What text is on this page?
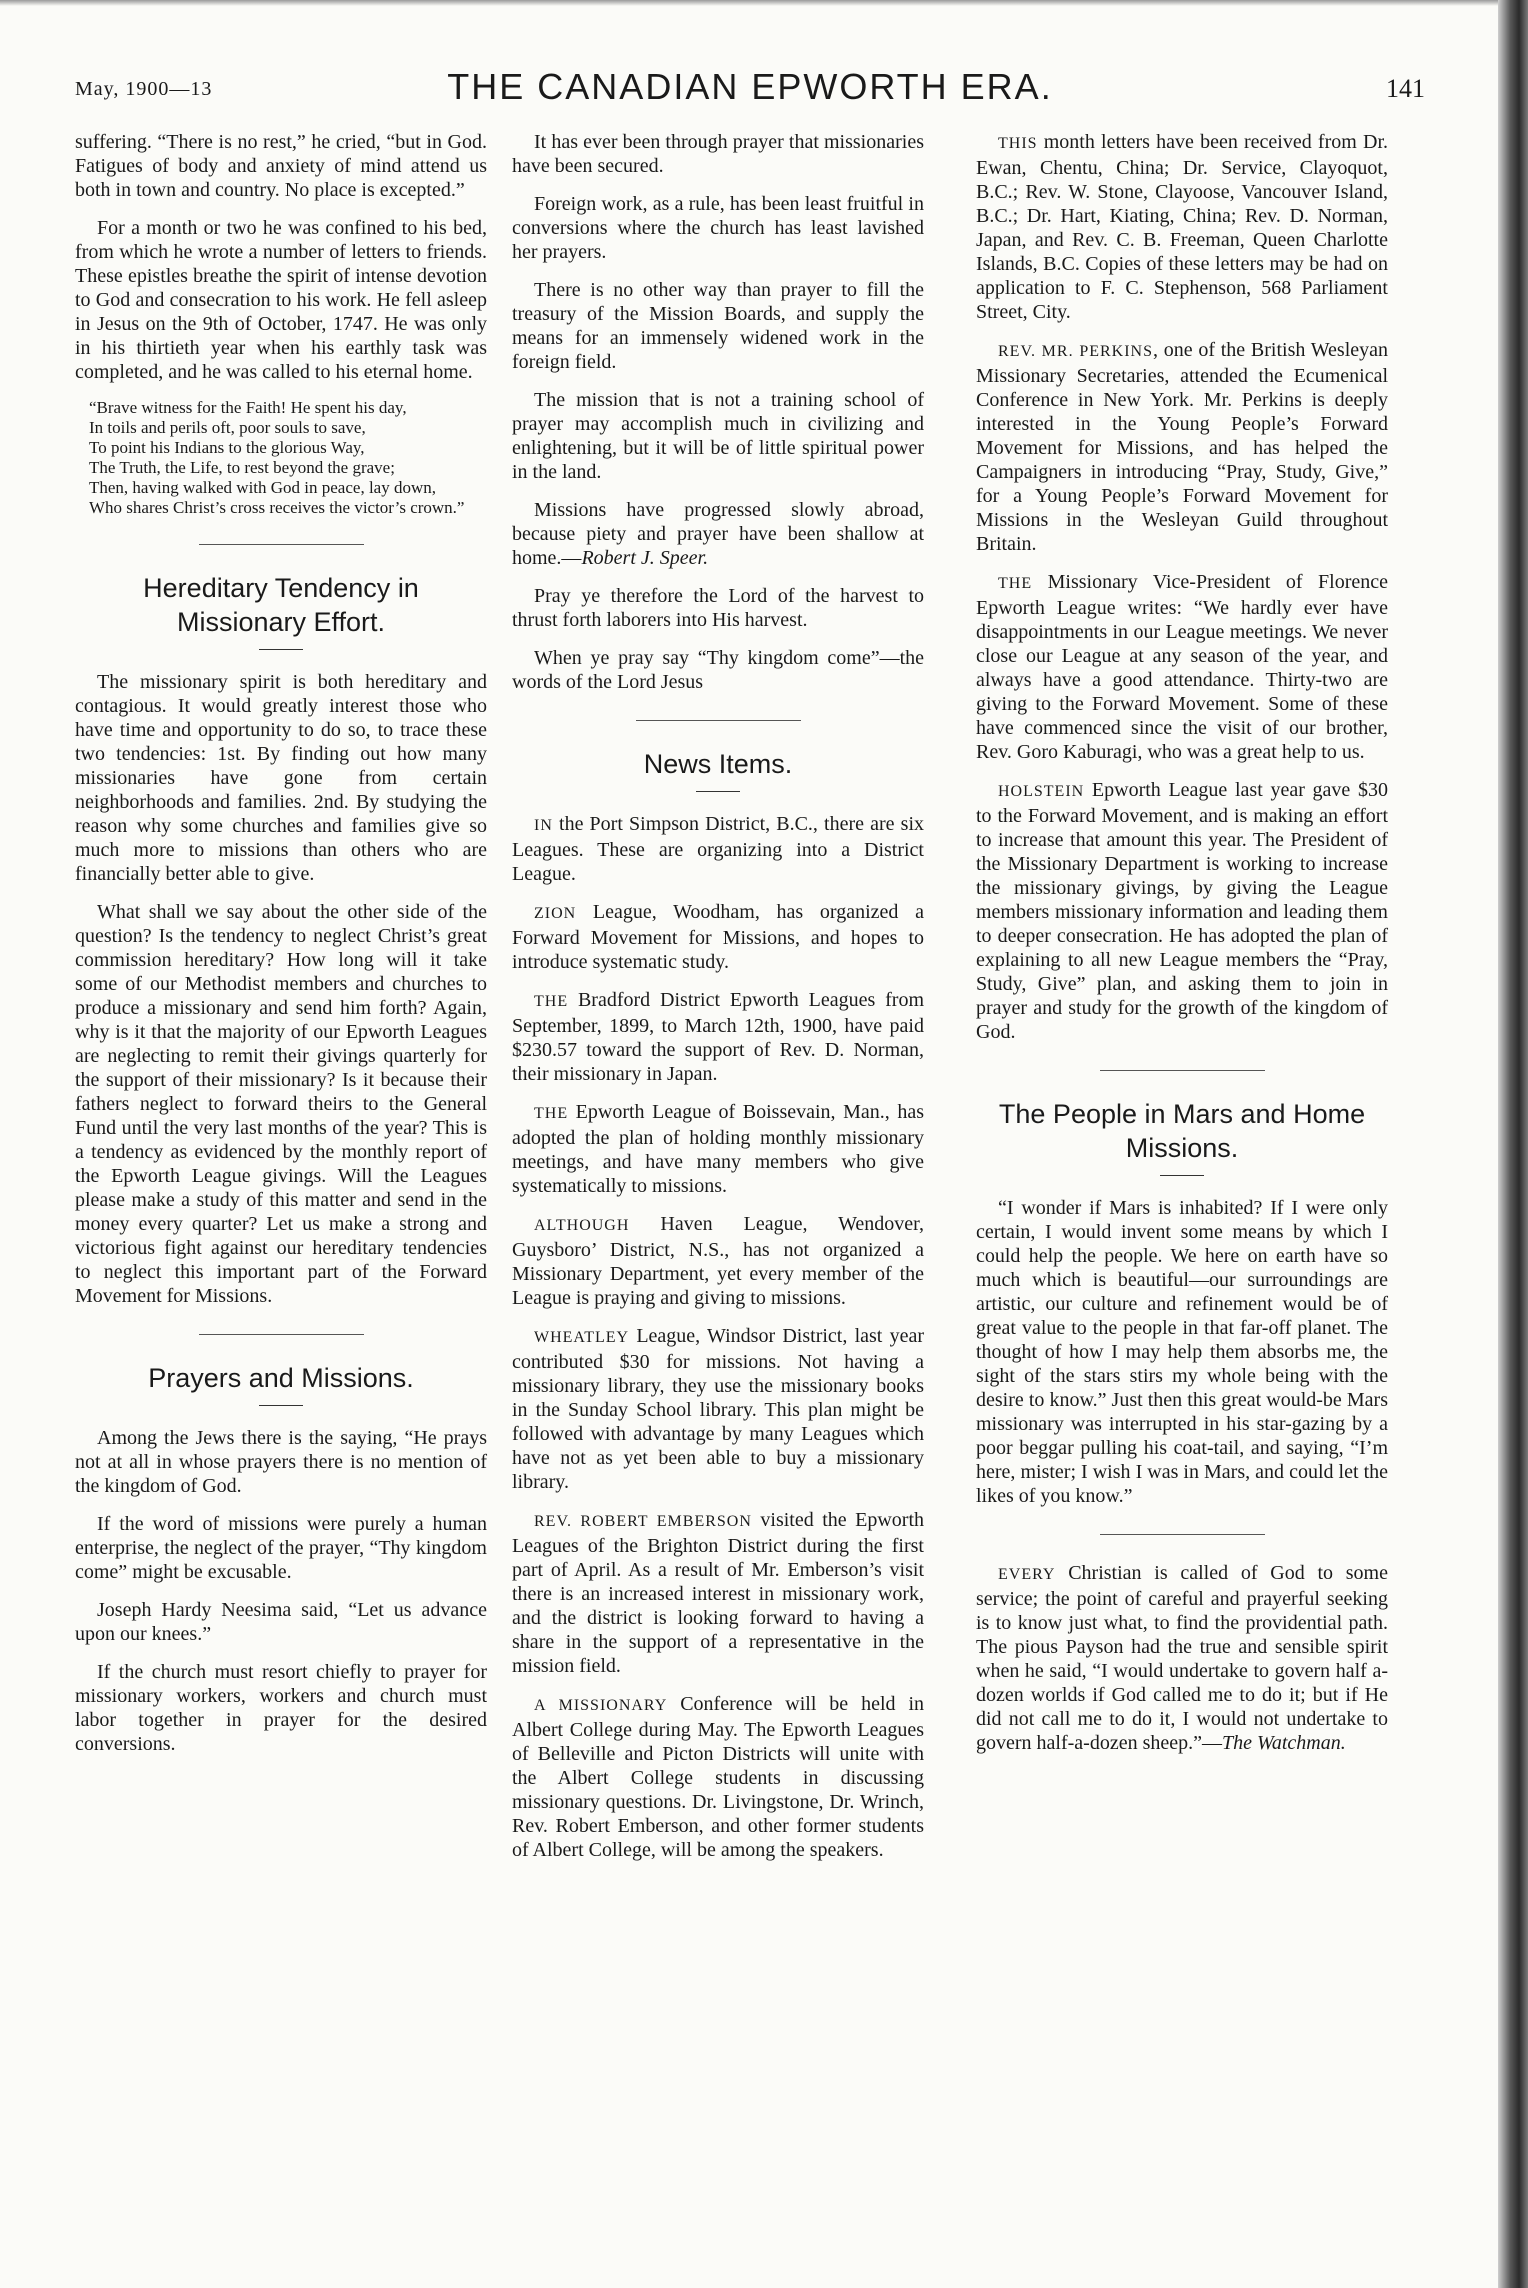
May, 1900—13	THE CANADIAN EPWORTH ERA.	141

suffering. “There is no rest,” he cried, “but in God. Fatigues of body and anxiety of mind attend us both in town and country. No place is excepted.”

For a month or two he was confined to his bed, from which he wrote a number of letters to friends. These epistles breathe the spirit of intense devotion to God and consecration to his work. He fell asleep in Jesus on the 9th of October, 1747. He was only in his thirtieth year when his earthly task was completed, and he was called to his eternal home.

“Brave witness for the Faith! He spent his day,
In toils and perils oft, poor souls to save,
To point his Indians to the glorious Way,
The Truth, the Life, to rest beyond the grave;
Then, having walked with God in peace, lay down,
Who shares Christ’s cross receives the victor’s crown.”
Hereditary Tendency in Missionary Effort.

The missionary spirit is both hereditary and contagious. It would greatly interest those who have time and opportunity to do so, to trace these two tendencies: 1st. By finding out how many missionaries have gone from certain neighborhoods and families. 2nd. By studying the reason why some churches and families give so much more to missions than others who are financially better able to give.

What shall we say about the other side of the question? Is the tendency to neglect Christ’s great commission hereditary? How long will it take some of our Methodist members and churches to produce a missionary and send him forth? Again, why is it that the majority of our Epworth Leagues are neglecting to remit their givings quarterly for the support of their missionary? Is it because their fathers neglect to forward theirs to the General Fund until the very last months of the year? This is a tendency as evidenced by the monthly report of the Epworth League givings. Will the Leagues please make a study of this matter and send in the money every quarter? Let us make a strong and victorious fight against our hereditary tendencies to neglect this important part of the Forward Movement for Missions.

Prayers and Missions.

Among the Jews there is the saying, “He prays not at all in whose prayers there is no mention of the kingdom of God.

If the word of missions were purely a human enterprise, the neglect of the prayer, “Thy kingdom come” might be excusable.

Joseph Hardy Neesima said, “Let us advance upon our knees.”

If the church must resort chiefly to prayer for missionary workers, workers and church must labor together in prayer for the desired conversions.

It has ever been through prayer that missionaries have been secured.

Foreign work, as a rule, has been least fruitful in conversions where the church has least lavished her prayers.

There is no other way than prayer to fill the treasury of the Mission Boards, and supply the means for an immensely widened work in the foreign field.

The mission that is not a training school of prayer may accomplish much in civilizing and enlightening, but it will be of little spiritual power in the land.

Missions have progressed slowly abroad, because piety and prayer have been shallow at home.—Robert J. Speer.

Pray ye therefore the Lord of the harvest to thrust forth laborers into His harvest.

When ye pray say “Thy kingdom come”—the words of the Lord Jesus

News Items.

IN the Port Simpson District, B.C., there are six Leagues. These are organizing into a District League.

ZION League, Woodham, has organized a Forward Movement for Missions, and hopes to introduce systematic study.

THE Bradford District Epworth Leagues from September, 1899, to March 12th, 1900, have paid $230.57 toward the support of Rev. D. Norman, their missionary in Japan.

THE Epworth League of Boissevain, Man., has adopted the plan of holding monthly missionary meetings, and have many members who give systematically to missions.

ALTHOUGH Haven League, Wendover, Guysboro’ District, N.S., has not organized a Missionary Department, yet every member of the League is praying and giving to missions.

WHEATLEY League, Windsor District, last year contributed $30 for missions. Not having a missionary library, they use the missionary books in the Sunday School library. This plan might be followed with advantage by many Leagues which have not as yet been able to buy a missionary library.

REV. ROBERT EMBERSON visited the Epworth Leagues of the Brighton District during the first part of April. As a result of Mr. Emberson’s visit there is an increased interest in missionary work, and the district is looking forward to having a share in the support of a representative in the mission field.

A MISSIONARY Conference will be held in Albert College during May. The Epworth Leagues of Belleville and Picton Districts will unite with the Albert College students in discussing missionary questions. Dr. Livingstone, Dr. Wrinch, Rev. Robert Emberson, and other former students of Albert College, will be among the speakers.

THIS month letters have been received from Dr. Ewan, Chentu, China; Dr. Service, Clayoquot, B.C.; Rev. W. Stone, Clayoose, Vancouver Island, B.C.; Dr. Hart, Kiating, China; Rev. D. Norman, Japan, and Rev. C. B. Freeman, Queen Charlotte Islands, B.C. Copies of these letters may be had on application to F. C. Stephenson, 568 Parliament Street, City.

REV. MR. PERKINS, one of the British Wesleyan Missionary Secretaries, attended the Ecumenical Conference in New York. Mr. Perkins is deeply interested in the Young People’s Forward Movement for Missions, and has helped the Campaigners in introducing “Pray, Study, Give,” for a Young People’s Forward Movement for Missions in the Wesleyan Guild throughout Britain.

THE Missionary Vice-President of Florence Epworth League writes: “We hardly ever have disappointments in our League meetings. We never close our League at any season of the year, and always have a good attendance. Thirty-two are giving to the Forward Movement. Some of these have commenced since the visit of our brother, Rev. Goro Kaburagi, who was a great help to us.

HOLSTEIN Epworth League last year gave $30 to the Forward Movement, and is making an effort to increase that amount this year. The President of the Missionary Department is working to increase the missionary givings, by giving the League members missionary information and leading them to deeper consecration. He has adopted the plan of explaining to all new League members the “Pray, Study, Give” plan, and asking them to join in prayer and study for the growth of the kingdom of God.

The People in Mars and Home Missions.

“I wonder if Mars is inhabited? If I were only certain, I would invent some means by which I could help the people. We here on earth have so much which is beautiful—our surroundings are artistic, our culture and refinement would be of great value to the people in that far-off planet. The thought of how I may help them absorbs me, the sight of the stars stirs my whole being with the desire to know.” Just then this great would-be Mars missionary was interrupted in his star-gazing by a poor beggar pulling his coat-tail, and saying, “I’m here, mister; I wish I was in Mars, and could let the likes of you know.”

EVERY Christian is called of God to some service; the point of careful and prayerful seeking is to know just what, to find the providential path. The pious Payson had the true and sensible spirit when he said, “I would undertake to govern half a-dozen worlds if God called me to do it; but if He did not call me to do it, I would not undertake to govern half-a-dozen sheep.”—The Watchman.
